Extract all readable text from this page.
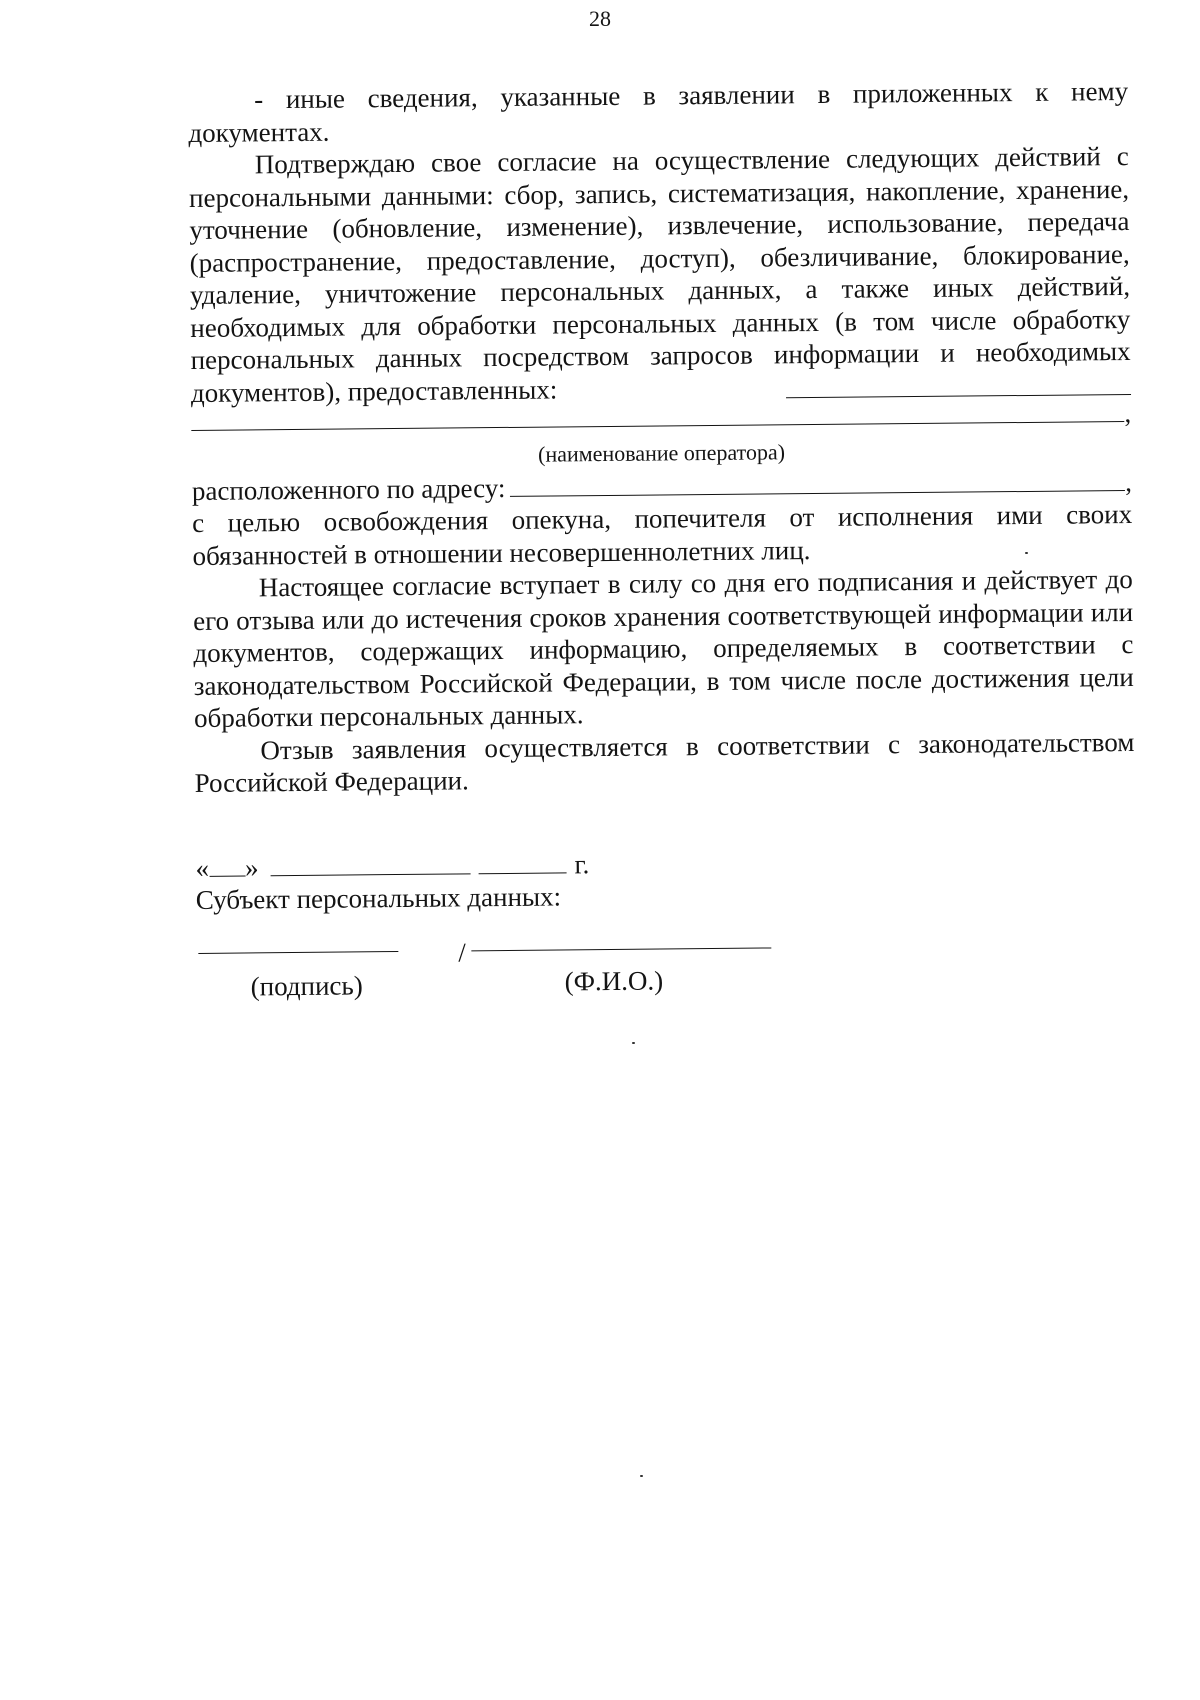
28

- иные сведения, указанные в заявлении в приложенных к нему документах.

Подтверждаю свое согласие на осуществление следующих действий с персональными данными: сбор, запись, систематизация, накопление, хранение, уточнение (обновление, изменение), извлечение, использование, передача (распространение, предоставление, доступ), обезличивание, блокирование, удаление, уничтожение персональных данных, а также иных действий, необходимых для обработки персональных данных (в том числе обработку персональных данных посредством запросов информации и необходимых документов), предоставленных:

,
(наименование оператора)
расположенного по адресу:	,

с целью освобождения опекуна, попечителя от исполнения ими своих обязанностей в отношении несовершеннолетних лиц.

Настоящее согласие вступает в силу со дня его подписания и действует до его отзыва или до истечения сроков хранения соответствующей информации или документов, содержащих информацию, определяемых в соответствии с законодательством Российской Федерации, в том числе после достижения цели обработки персональных данных.

Отзыв заявления осуществляется в соответствии с законодательством Российской Федерации.

« »	г.

Субъект персональных данных:

/
(подпись)	(Ф.И.О.)
